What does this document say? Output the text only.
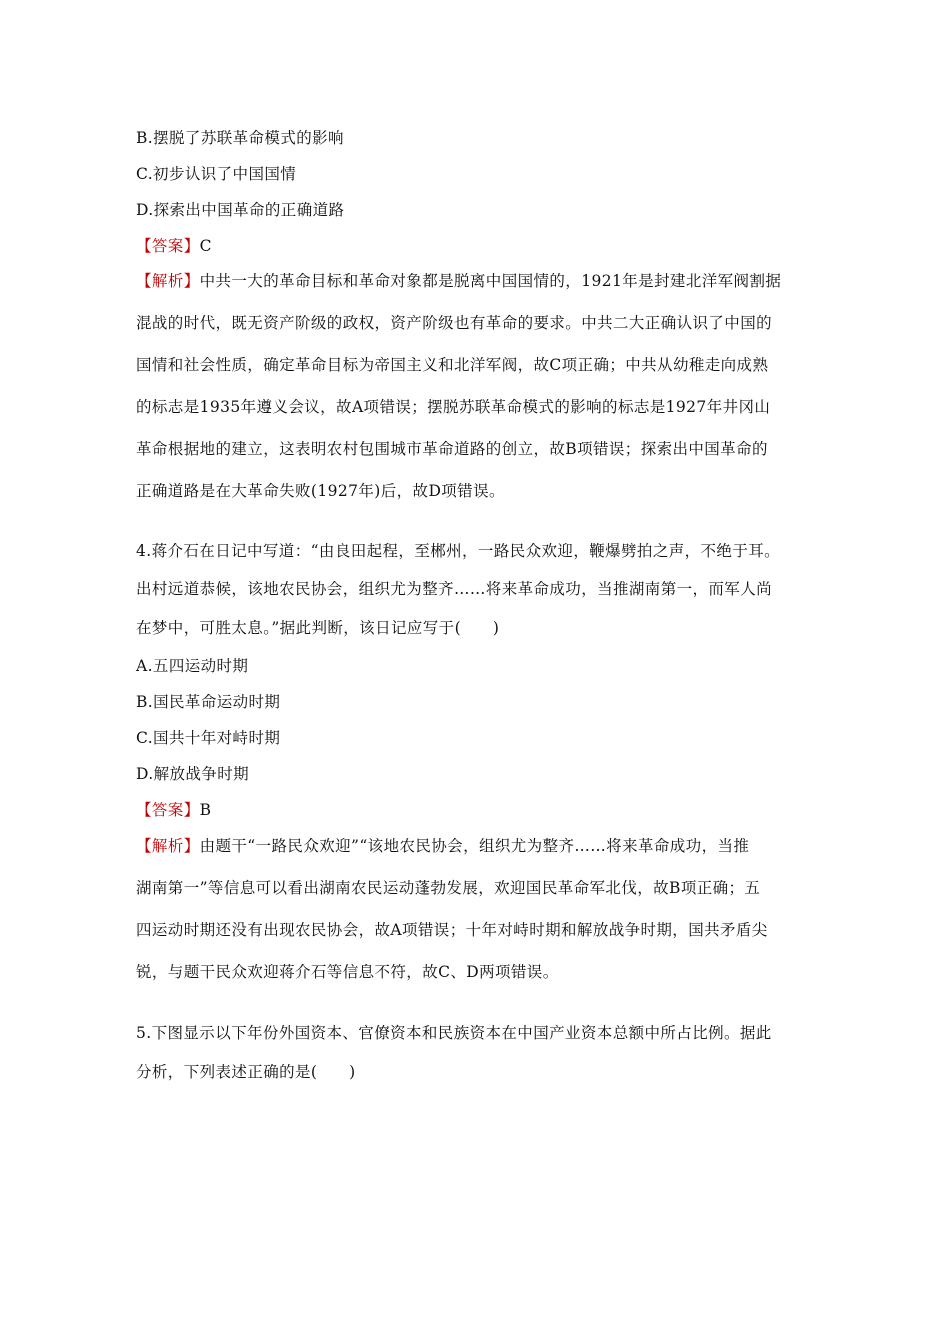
B.摆脱了苏联革命模式的影响
C.初步认识了中国国情
D.探索出中国革命的正确道路
【答案】C
【解析】中共一大的革命目标和革命对象都是脱离中国国情的，1921年是封建北洋军阀割据
混战的时代，既无资产阶级的政权，资产阶级也有革命的要求。中共二大正确认识了中国的
国情和社会性质，确定革命目标为帝国主义和北洋军阀，故C项正确；中共从幼稚走向成熟
的标志是1935年遵义会议，故A项错误；摆脱苏联革命模式的影响的标志是1927年井冈山
革命根据地的建立，这表明农村包围城市革命道路的创立，故B项错误；探索出中国革命的
正确道路是在大革命失败(1927年)后，故D项错误。
4.蒋介石在日记中写道：“由良田起程，至郴州，一路民众欢迎，鞭爆劈拍之声，不绝于耳。
出村远道恭候，该地农民协会，组织尤为整齐……将来革命成功，当推湖南第一，而军人尚
在梦中，可胜太息。”据此判断，该日记应写于(　　)
A.五四运动时期
B.国民革命运动时期
C.国共十年对峙时期
D.解放战争时期
【答案】B
【解析】由题干“一路民众欢迎”“该地农民协会，组织尤为整齐……将来革命成功，当推
湖南第一”等信息可以看出湖南农民运动蓬勃发展，欢迎国民革命军北伐，故B项正确；五
四运动时期还没有出现农民协会，故A项错误；十年对峙时期和解放战争时期，国共矛盾尖
锐，与题干民众欢迎蒋介石等信息不符，故C、D两项错误。
5.下图显示以下年份外国资本、官僚资本和民族资本在中国产业资本总额中所占比例。据此
分析，下列表述正确的是(　　)
